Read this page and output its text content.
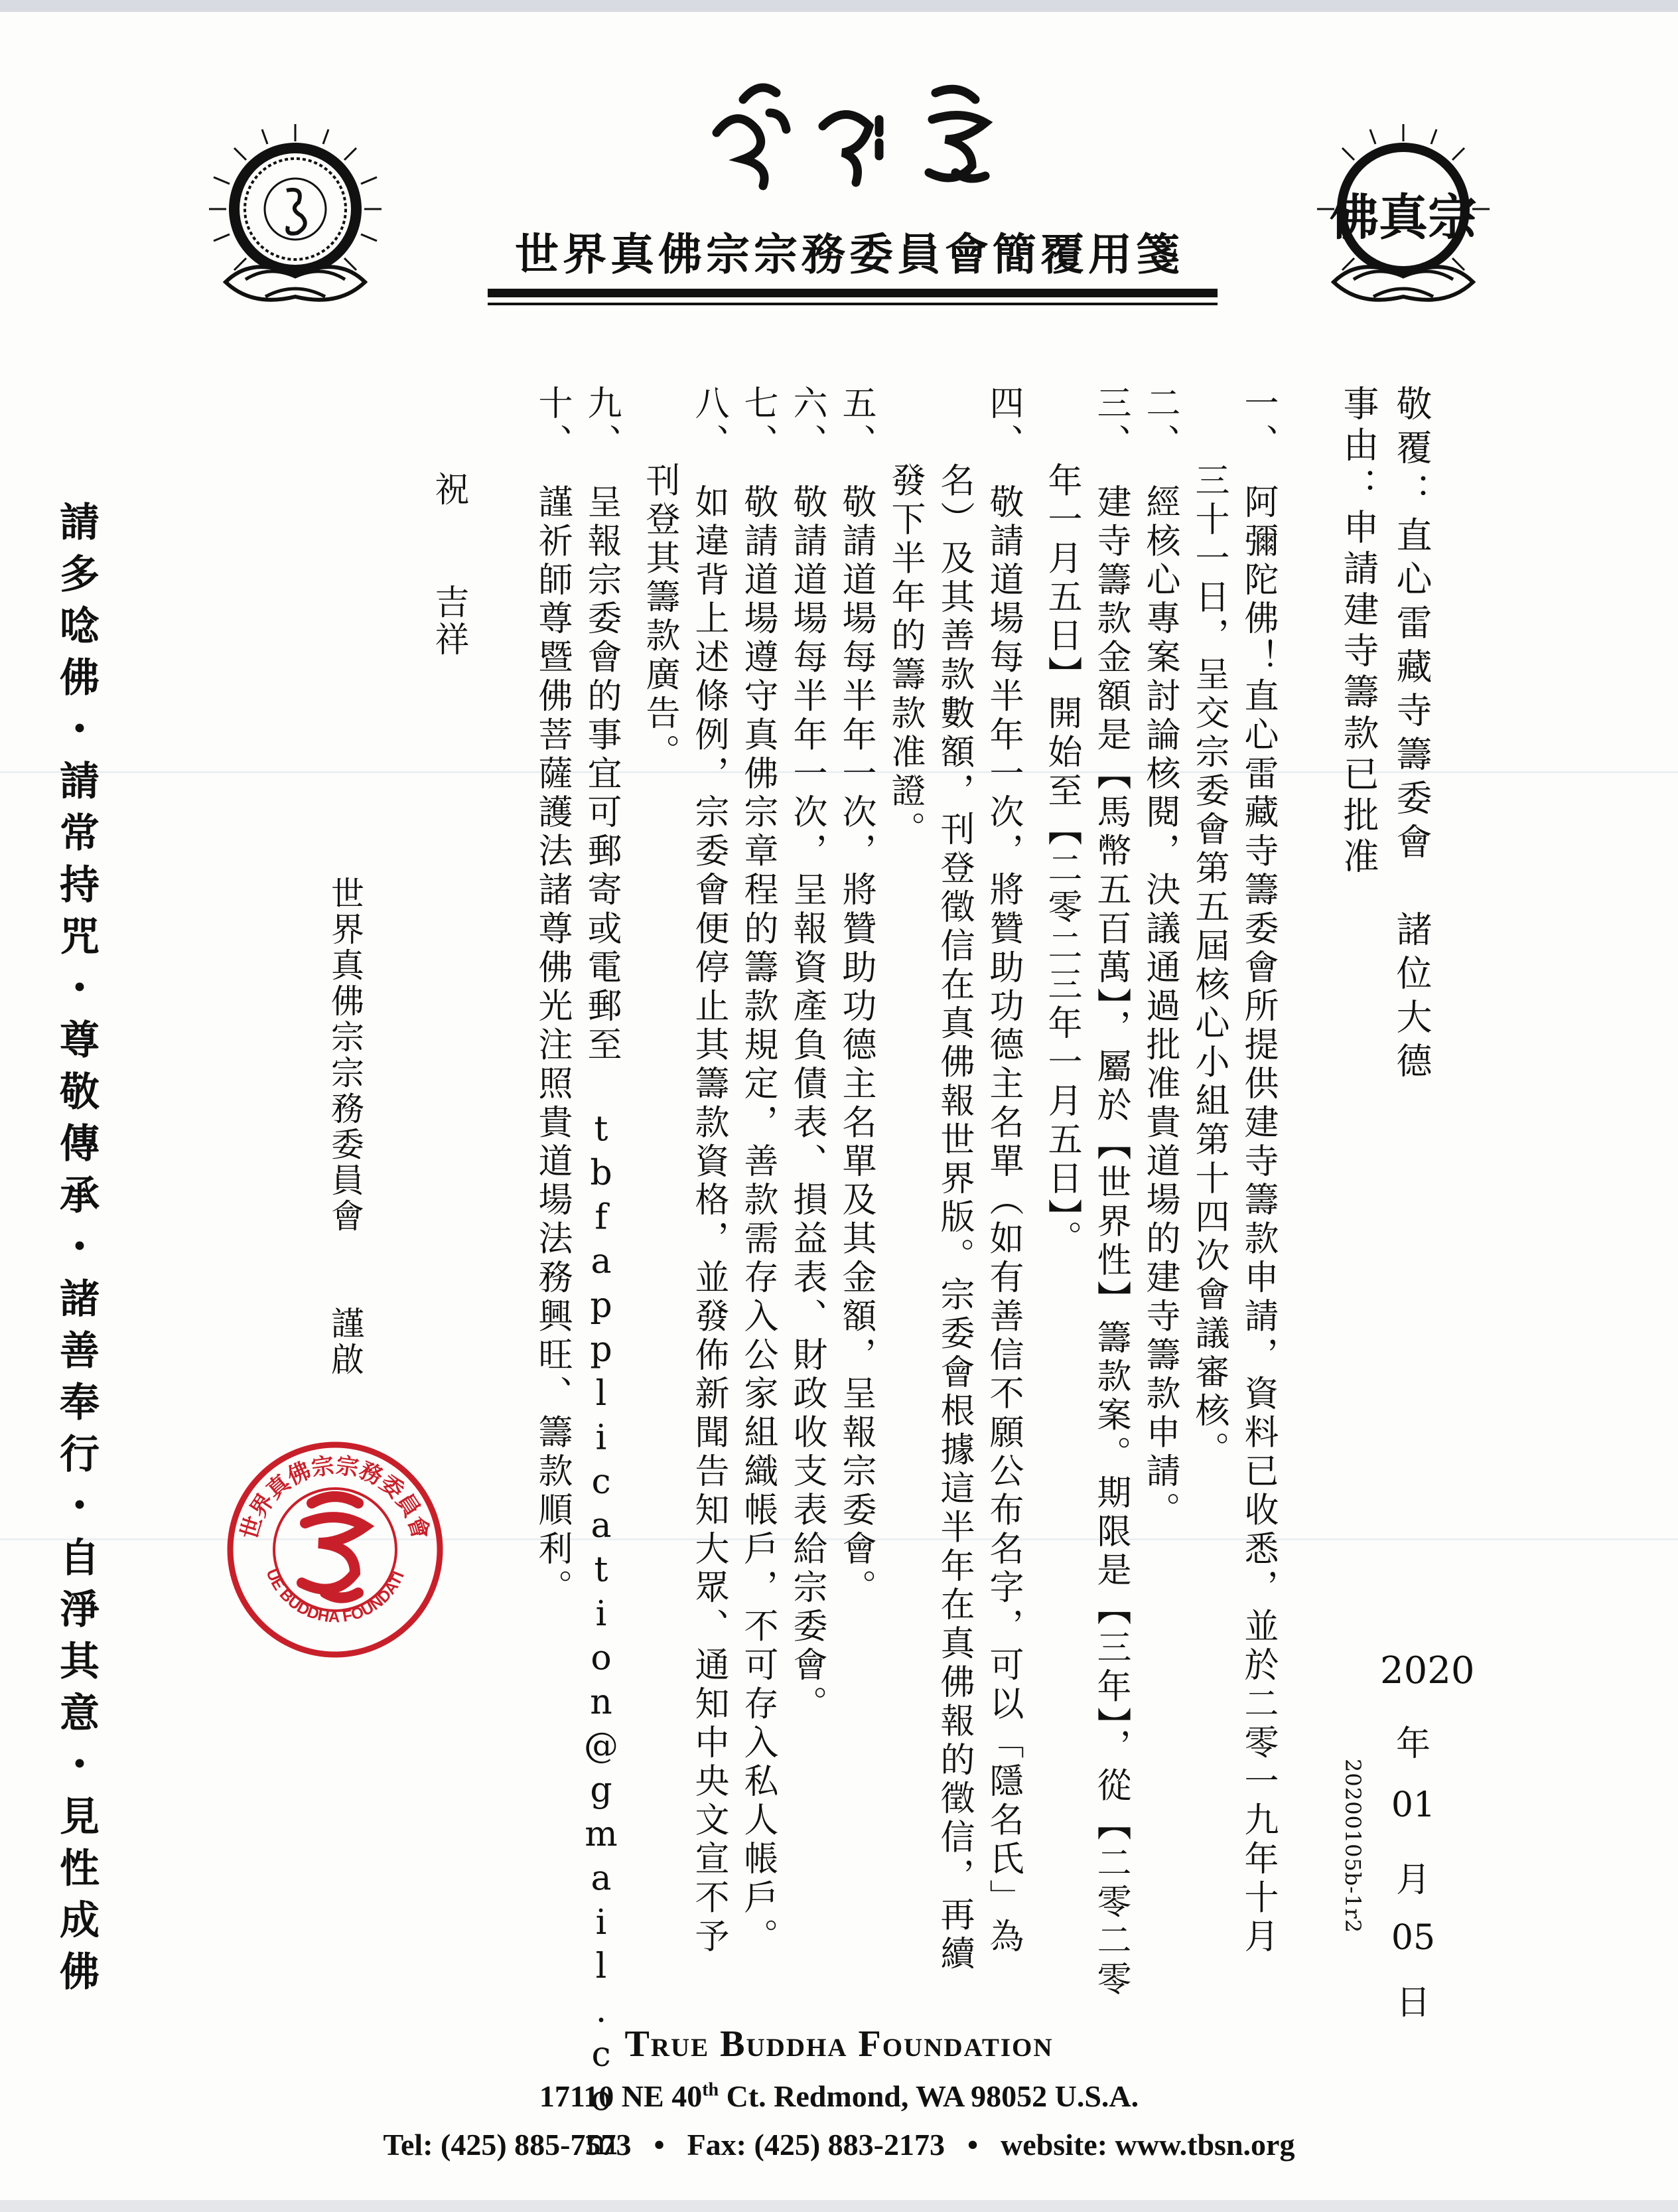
世界真佛宗宗務委員會簡覆用箋
佛真宗
敬覆：直心雷藏寺籌委會　諸位大德
事由：申請建寺籌款已批准
一、　阿彌陀佛！直心雷藏寺籌委會所提供建寺籌款申請，資料已收悉，並於二零一九年十月
　　三十一日，呈交宗委會第五屆核心小組第十四次會議審核。
二、　經核心專案討論核閱，決議通過批准貴道場的建寺籌款申請。
三、　建寺籌款金額是【馬幣五百萬】，屬於【世界性】籌款案。期限是【三年】，從【二零二零
　　年一月五日】開始至【二零二三年一月五日】。
四、　敬請道場每半年一次，將贊助功德主名單（如有善信不願公布名字，可以「隱名氏」為
　　名）及其善款數額，刊登徵信在真佛報世界版。宗委會根據這半年在真佛報的徵信，再續
　　發下半年的籌款准證。
五、　敬請道場每半年一次，將贊助功德主名單及其金額，呈報宗委會。
六、　敬請道場每半年一次，呈報資產負債表、損益表、財政收支表給宗委會。
七、　敬請道場遵守真佛宗章程的籌款規定，善款需存入公家組織帳戶，不可存入私人帳戶。
八、　如違背上述條例，宗委會便停止其籌款資格，並發佈新聞告知大眾、通知中央文宣不予
　　刊登其籌款廣告。
九、　呈報宗委會的事宜可郵寄或電郵至 tbfapplication@gmail.com
十、　謹祈師尊暨佛菩薩護法諸尊佛光注照貴道場法務興旺、籌款順利。
祝
吉祥
世界真佛宗宗務委員會　　謹啟
世界真佛宗宗務委員會
UE BUDDHA FOUNDATI
2020
年
01
月
05
日
20200105b-1r2
請多唸佛・請常持咒・尊敬傳承・諸善奉行・自淨其意・見性成佛
True Buddha Foundation
17110 NE 40th Ct. Redmond, WA 98052 U.S.A.
Tel: (425) 885-7573 • Fax: (425) 883-2173 • website: www.tbsn.org
